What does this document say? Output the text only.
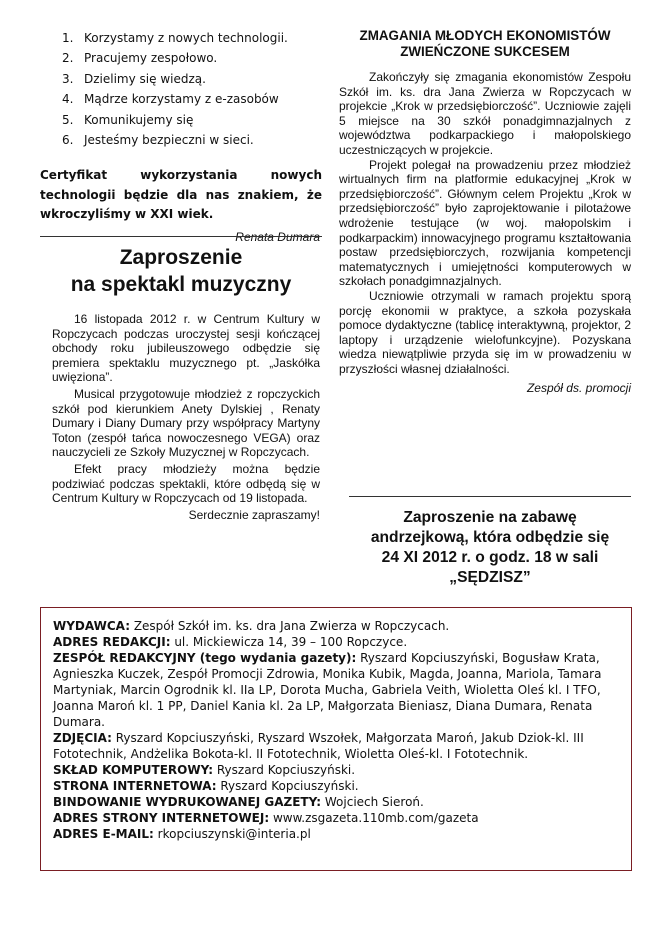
1. Korzystamy z nowych technologii.
2. Pracujemy zespołowo.
3. Dzielimy się wiedzą.
4. Mądrze korzystamy z e-zasobów
5. Komunikujemy się
6. Jesteśmy bezpieczni w sieci.

Certyfikat wykorzystania nowych technologii będzie dla nas znakiem, że wkroczyliśmy w XXI wiek.

Renata Dumara
Zaproszenie
na spektakl muzyczny

16 listopada 2012 r. w Centrum Kultury w Ropczycach podczas uroczystej sesji kończącej obchody roku jubileuszowego odbędzie się premiera spektaklu muzycznego pt. „Jaskółka uwięziona”.

Musical przygotowuje młodzież z ropczyckich szkół pod kierunkiem Anety Dylskiej , Renaty Dumary i Diany Dumary przy współpracy Martyny Toton (zespół tańca nowoczesnego VEGA) oraz nauczycieli ze Szkoły Muzycznej w Ropczycach.

Efekt pracy młodzieży można będzie podziwiać podczas spektakli, które odbędą się w Centrum Kultury w Ropczycach od 19 listopada.

Serdecznie zapraszamy!

ZMAGANIA MŁODYCH EKONOMISTÓW ZWIEŃCZONE SUKCESEM

Zakończyły się zmagania ekonomistów Zespołu Szkół im. ks. dra Jana Zwierza w Ropczycach w projekcie „Krok w przedsiębiorczość”. Uczniowie zajęli 5 miejsce na 30 szkół ponadgimnazjalnych z województwa podkarpackiego i małopolskiego uczestniczących w projekcie.

Projekt polegał na prowadzeniu przez młodzież wirtualnych firm na platformie edukacyjnej „Krok w przedsiębiorczość”. Głównym celem Projektu „Krok w przedsiębiorczość” było zaprojektowanie i pilotażowe wdrożenie testujące (w woj. małopolskim i podkarpackim) innowacyjnego programu kształtowania postaw przedsiębiorczych, rozwijania kompetencji matematycznych i umiejętności komputerowych w szkołach ponadgimnazjalnych.

Uczniowie otrzymali w ramach projektu sporą porcję ekonomii w praktyce, a szkoła pozyskała pomoce dydaktyczne (tablicę interaktywną, projektor, 2 laptopy i urządzenie wielofunkcyjne). Pozyskana wiedza niewątpliwie przyda się im w prowadzeniu w przyszłości własnej działalności.

Zespół ds. promocji
Zaproszenie na zabawę
andrzejkową, która odbędzie się
24 XI 2012 r. o godz. 18 w sali
„SĘDZISZ”

WYDAWCA: Zespół Szkół im. ks. dra Jana Zwierza w Ropczycach.

ADRES REDAKCJI: ul. Mickiewicza 14, 39 – 100 Ropczyce.

ZESPÓŁ REDAKCYJNY (tego wydania gazety): Ryszard Kopciuszyński, Bogusław Krata, Agnieszka Kuczek, Zespół Promocji Zdrowia, Monika Kubik, Magda, Joanna, Mariola, Tamara Martyniak, Marcin Ogrodnik kl. IIa LP, Dorota Mucha, Gabriela Veith, Wioletta Oleś kl. I TFO, Joanna Maroń kl. 1 PP, Daniel Kania kl. 2a LP, Małgorzata Bieniasz, Diana Dumara, Renata Dumara.

ZDJĘCIA: Ryszard Kopciuszyński, Ryszard Wszołek, Małgorzata Maroń, Jakub Dziok-kl. III Fototechnik, Andżelika Bokota-kl. II Fototechnik, Wioletta Oleś-kl. I Fototechnik.

SKŁAD KOMPUTEROWY: Ryszard Kopciuszyński.

STRONA INTERNETOWA: Ryszard Kopciuszyński.

BINDOWANIE WYDRUKOWANEJ GAZETY: Wojciech Sieroń.

ADRES STRONY INTERNETOWEJ: www.zsgazeta.110mb.com/gazeta

ADRES E-MAIL: rkopciuszynski@interia.pl
